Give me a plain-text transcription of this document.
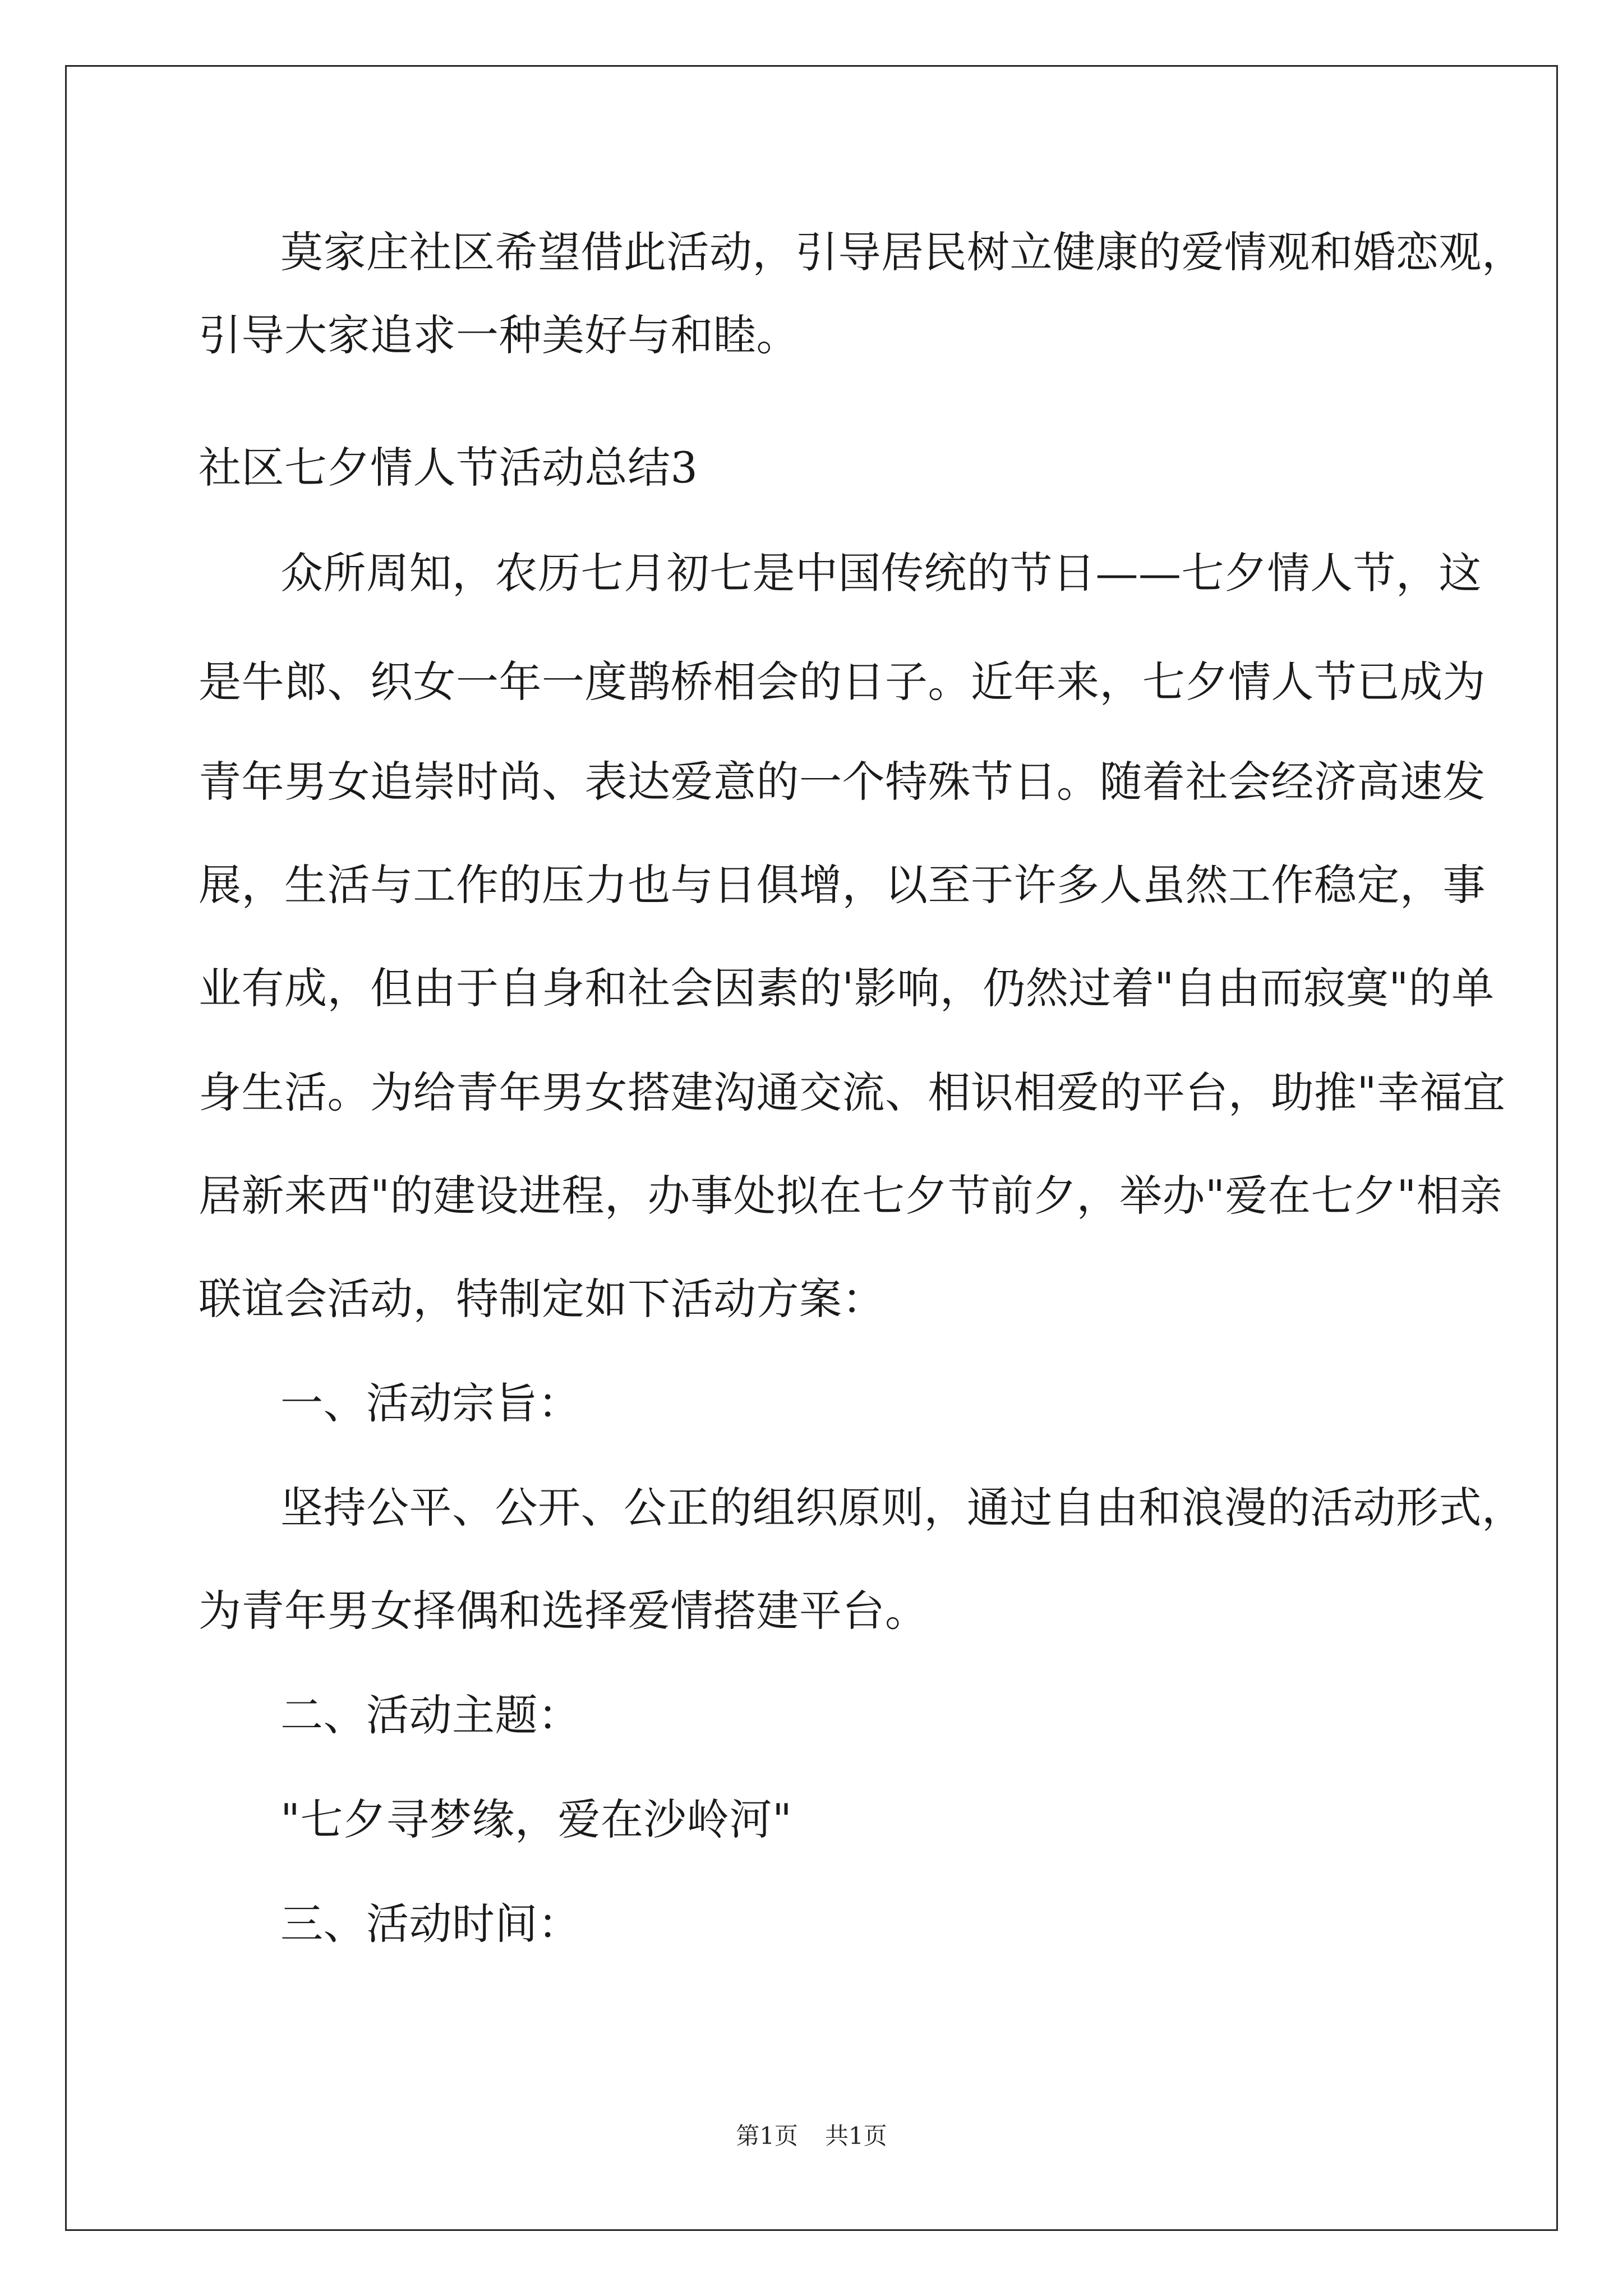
莫家庄社区希望借此活动，引导居民树立健康的爱情观和婚恋观，
引导大家追求一种美好与和睦。
社区七夕情人节活动总结3
众所周知，农历七月初七是中国传统的节日——七夕情人节，这
是牛郎、织女一年一度鹊桥相会的日子。近年来，七夕情人节已成为
青年男女追崇时尚、表达爱意的一个特殊节日。随着社会经济高速发
展，生活与工作的压力也与日俱增，以至于许多人虽然工作稳定，事
业有成，但由于自身和社会因素的'影响，仍然过着"自由而寂寞"的单
身生活。为给青年男女搭建沟通交流、相识相爱的平台，助推"幸福宜
居新来西"的建设进程，办事处拟在七夕节前夕，举办"爱在七夕"相亲
联谊会活动，特制定如下活动方案：
一、活动宗旨：
坚持公平、公开、公正的组织原则，通过自由和浪漫的活动形式，
为青年男女择偶和选择爱情搭建平台。
二、活动主题：
"七夕寻梦缘，爱在沙岭河"
三、活动时间：
第1页 共1页
